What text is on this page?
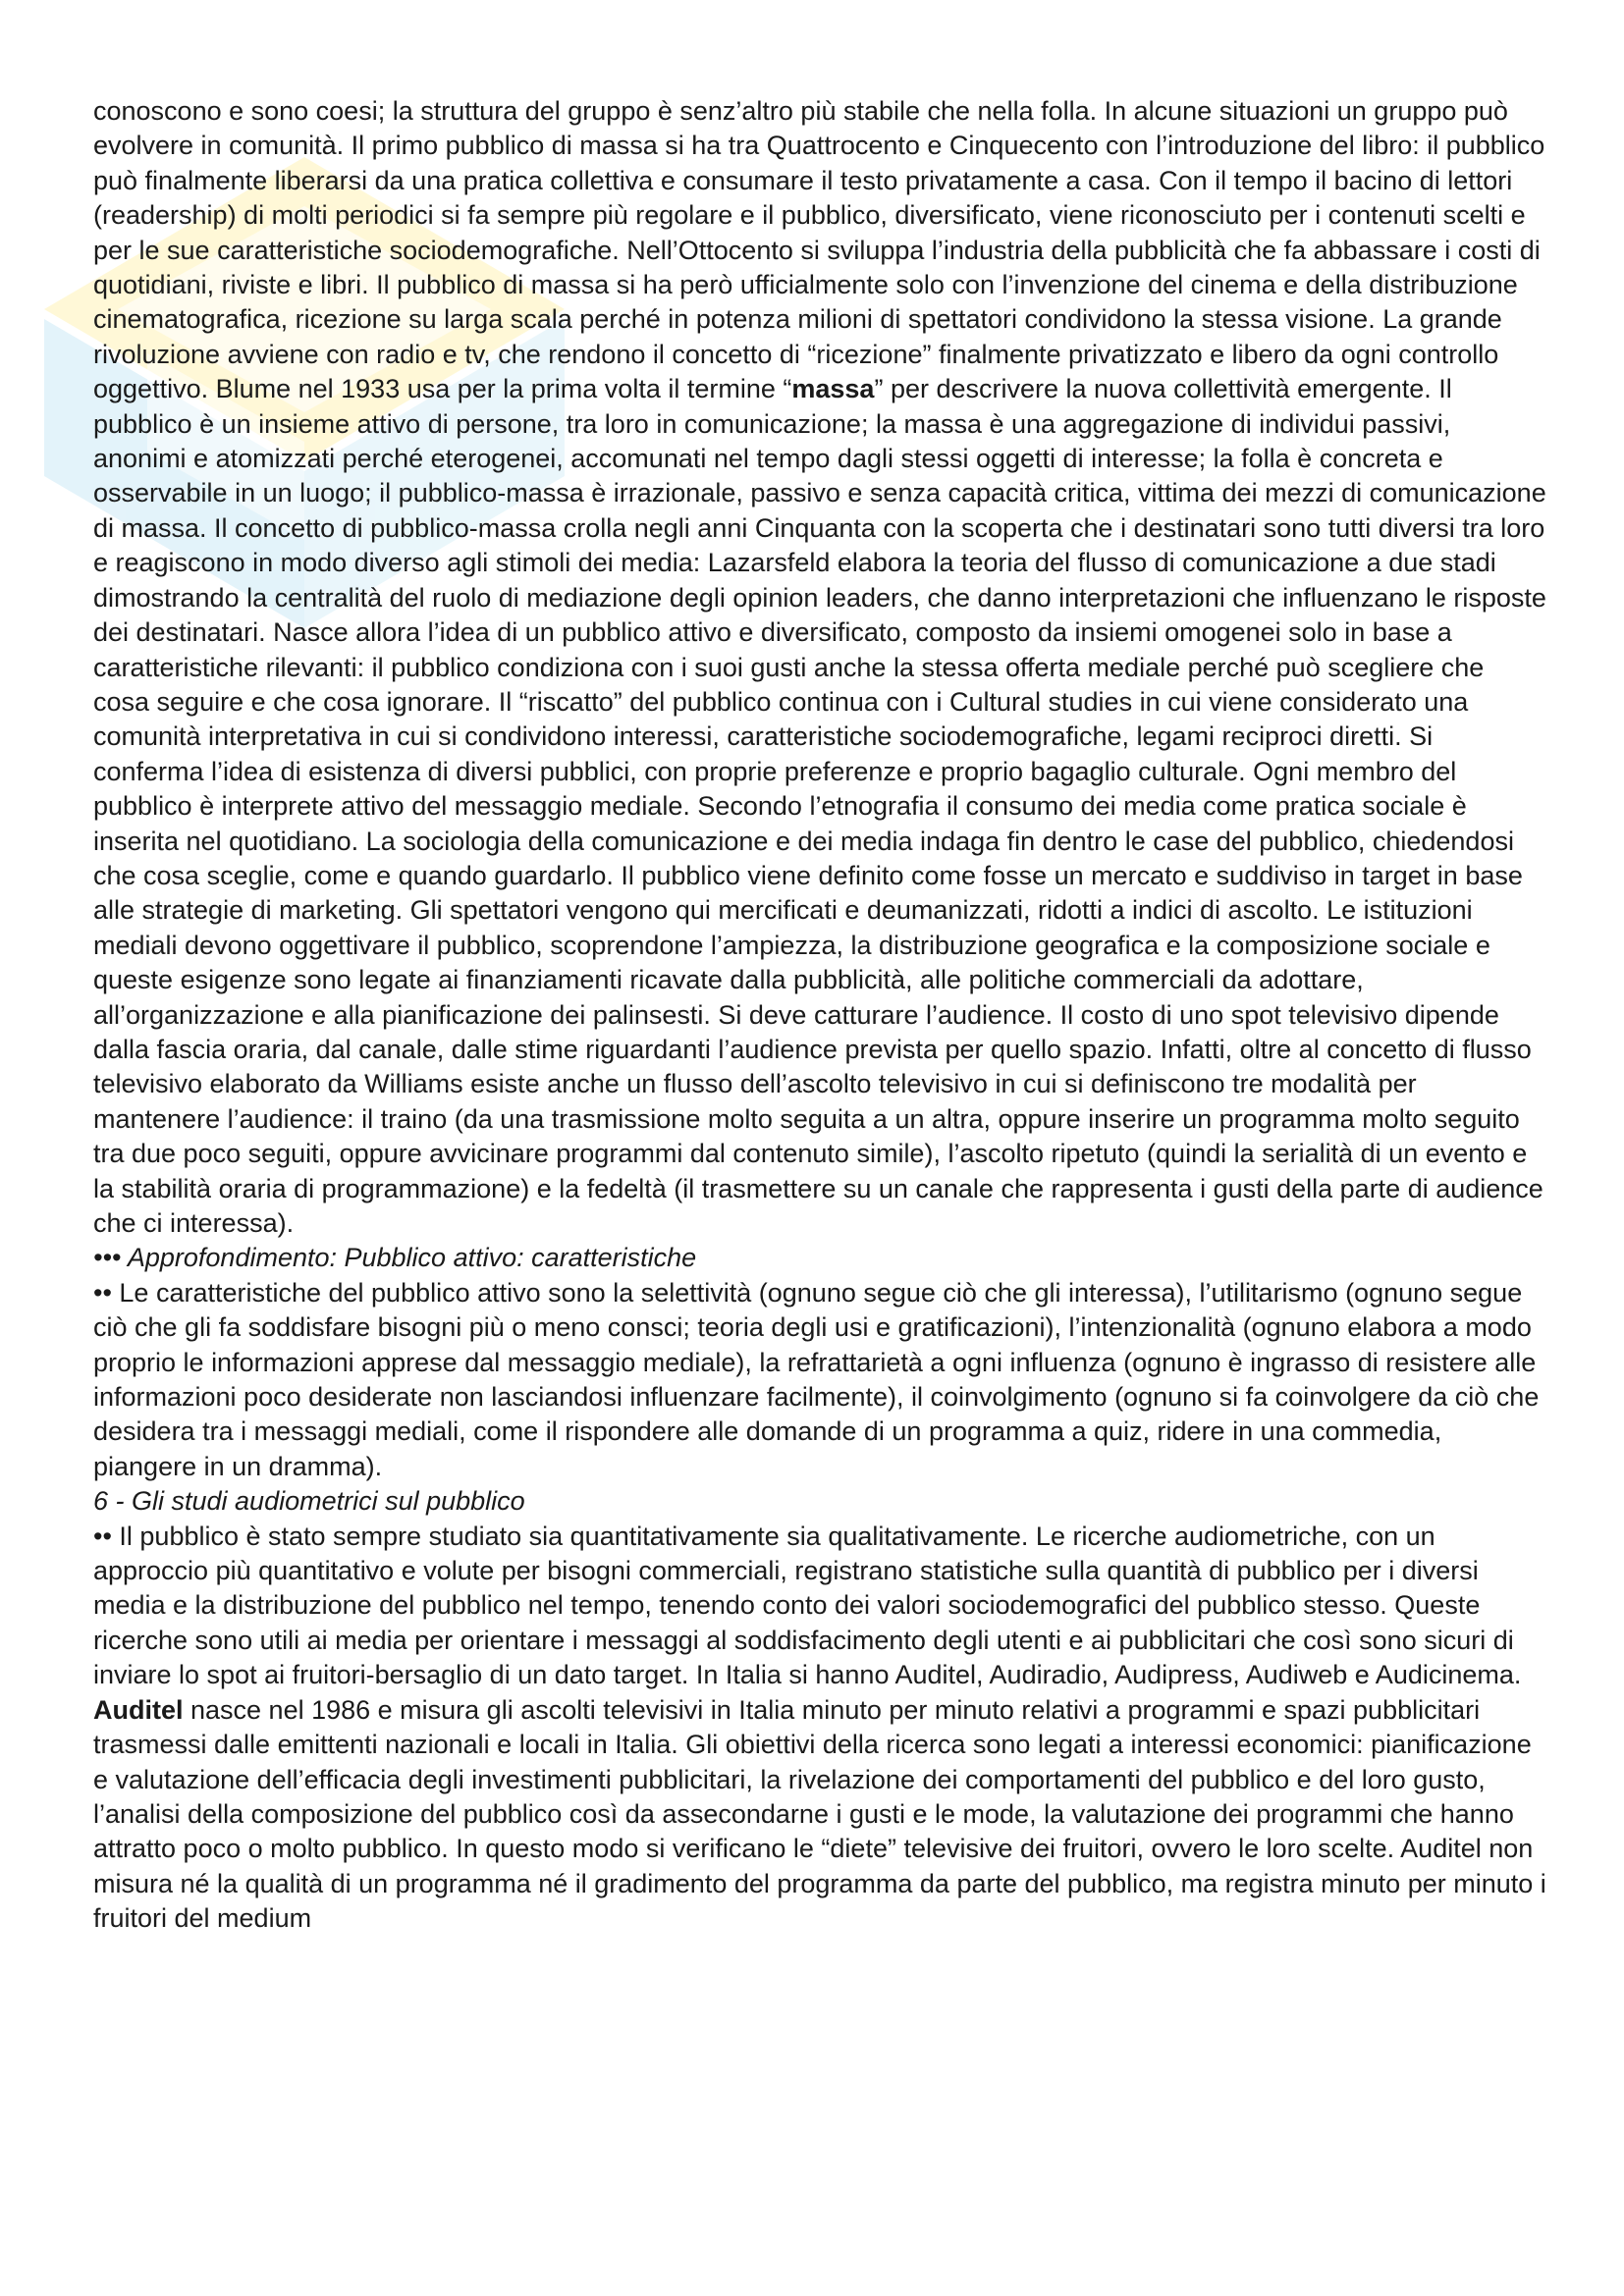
conoscono e sono coesi; la struttura del gruppo è senz’altro più stabile che nella folla. In alcune situazioni un gruppo può evolvere in comunità. Il primo pubblico di massa si ha tra Quattrocento e Cinquecento con l’introduzione del libro: il pubblico può finalmente liberarsi da una pratica collettiva e consumare il testo privatamente a casa. Con il tempo il bacino di lettori (readership) di molti periodici si fa sempre più regolare e il pubblico, diversificato, viene riconosciuto per i contenuti scelti e per le sue caratteristiche sociodemografiche. Nell’Ottocento si sviluppa l’industria della pubblicità che fa abbassare i costi di quotidiani, riviste e libri. Il pubblico di massa si ha però ufficialmente solo con l’invenzione del cinema e della distribuzione cinematografica, ricezione su larga scala perché in potenza milioni di spettatori condividono la stessa visione. La grande rivoluzione avviene con radio e tv, che rendono il concetto di “ricezione” finalmente privatizzato e libero da ogni controllo oggettivo. Blume nel 1933 usa per la prima volta il termine “massa” per descrivere la nuova collettività emergente. Il pubblico è un insieme attivo di persone, tra loro in comunicazione; la massa è una aggregazione di individui passivi, anonimi e atomizzati perché eterogenei, accomunati nel tempo dagli stessi oggetti di interesse; la folla è concreta e osservabile in un luogo; il pubblico-massa è irrazionale, passivo e senza capacità critica, vittima dei mezzi di comunicazione di massa. Il concetto di pubblico-massa crolla negli anni Cinquanta con la scoperta che i destinatari sono tutti diversi tra loro e reagiscono in modo diverso agli stimoli dei media: Lazarsfeld elabora la teoria del flusso di comunicazione a due stadi dimostrando la centralità del ruolo di mediazione degli opinion leaders, che danno interpretazioni che influenzano le risposte dei destinatari. Nasce allora l’idea di un pubblico attivo e diversificato, composto da insiemi omogenei solo in base a caratteristiche rilevanti: il pubblico condiziona con i suoi gusti anche la stessa offerta mediale perché può scegliere che cosa seguire e che cosa ignorare. Il “riscatto” del pubblico continua con i Cultural studies in cui viene considerato una comunità interpretativa in cui si condividono interessi, caratteristiche sociodemografiche, legami reciproci diretti. Si conferma l’idea di esistenza di diversi pubblici, con proprie preferenze e proprio bagaglio culturale. Ogni membro del pubblico è interprete attivo del messaggio mediale. Secondo l’etnografia il consumo dei media come pratica sociale è inserita nel quotidiano. La sociologia della comunicazione e dei media indaga fin dentro le case del pubblico, chiedendosi che cosa sceglie, come e quando guardarlo. Il pubblico viene definito come fosse un mercato e suddiviso in target in base alle strategie di marketing. Gli spettatori vengono qui mercificati e deumanizzati, ridotti a indici di ascolto. Le istituzioni mediali devono oggettivare il pubblico, scoprendone l’ampiezza, la distribuzione geografica e la composizione sociale e queste esigenze sono legate ai finanziamenti ricavate dalla pubblicità, alle politiche commerciali da adottare, all’organizzazione e alla pianificazione dei palinsesti. Si deve catturare l’audience. Il costo di uno spot televisivo dipende dalla fascia oraria, dal canale, dalle stime riguardanti l’audience prevista per quello spazio. Infatti, oltre al concetto di flusso televisivo elaborato da Williams esiste anche un flusso dell’ascolto televisivo in cui si definiscono tre modalità per mantenere l’audience: il traino (da una trasmissione molto seguita a un altra, oppure inserire un programma molto seguito tra due poco seguiti, oppure avvicinare programmi dal contenuto simile), l’ascolto ripetuto (quindi la serialità di un evento e la stabilità oraria di programmazione) e la fedeltà (il trasmettere su un canale che rappresenta i gusti della parte di audience che ci interessa).

••• Approfondimento: Pubblico attivo: caratteristiche

•• Le caratteristiche del pubblico attivo sono la selettività (ognuno segue ciò che gli interessa), l’utilitarismo (ognuno segue ciò che gli fa soddisfare bisogni più o meno consci; teoria degli usi e gratificazioni), l’intenzionalità (ognuno elabora a modo proprio le informazioni apprese dal messaggio mediale), la refrattarietà a ogni influenza (ognuno è ingrasso di resistere alle informazioni poco desiderate non lasciandosi influenzare facilmente), il coinvolgimento (ognuno si fa coinvolgere da ciò che desidera tra i messaggi mediali, come il rispondere alle domande di un programma a quiz, ridere in una commedia, piangere in un dramma).

6 - Gli studi audiometrici sul pubblico

•• Il pubblico è stato sempre studiato sia quantitativamente sia qualitativamente. Le ricerche audiometriche, con un approccio più quantitativo e volute per bisogni commerciali, registrano statistiche sulla quantità di pubblico per i diversi media e la distribuzione del pubblico nel tempo, tenendo conto dei valori sociodemografici del pubblico stesso. Queste ricerche sono utili ai media per orientare i messaggi al soddisfacimento degli utenti e ai pubblicitari che così sono sicuri di inviare lo spot ai fruitori-bersaglio di un dato target. In Italia si hanno Auditel, Audiradio, Audipress, Audiweb e Audicinema. Auditel nasce nel 1986 e misura gli ascolti televisivi in Italia minuto per minuto relativi a programmi e spazi pubblicitari trasmessi dalle emittenti nazionali e locali in Italia. Gli obiettivi della ricerca sono legati a interessi economici: pianificazione e valutazione dell’efficacia degli investimenti pubblicitari, la rivelazione dei comportamenti del pubblico e del loro gusto, l’analisi della composizione del pubblico così da assecondarne i gusti e le mode, la valutazione dei programmi che hanno attratto poco o molto pubblico. In questo modo si verificano le “diete” televisive dei fruitori, ovvero le loro scelte. Auditel non misura né la qualità di un programma né il gradimento del programma da parte del pubblico, ma registra minuto per minuto i fruitori del medium
